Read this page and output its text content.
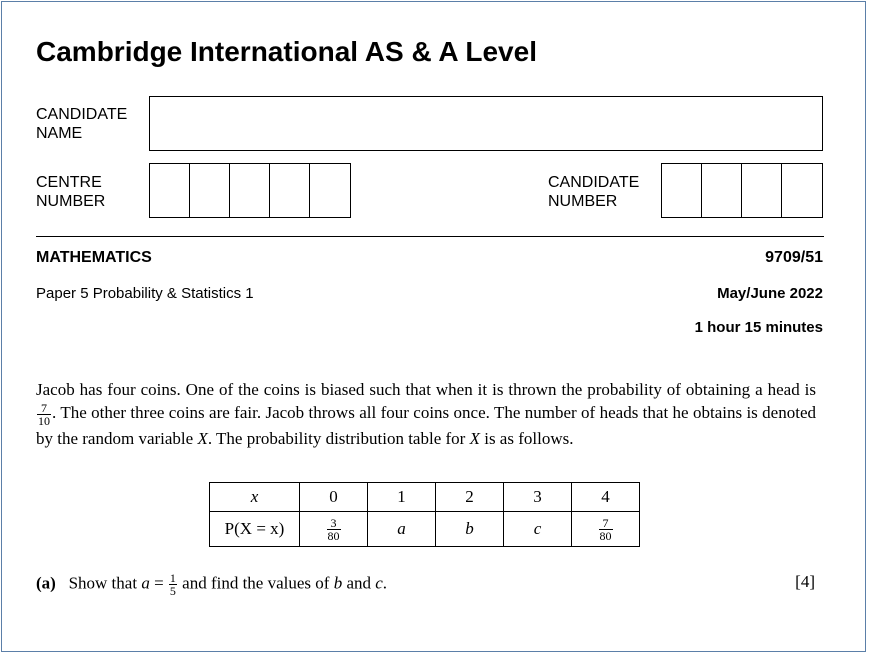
Cambridge International AS & A Level
CANDIDATE
NAME
CENTRE
NUMBER
CANDIDATE
NUMBER
MATHEMATICS	9709/51
Paper 5 Probability & Statistics 1	May/June 2022
1 hour 15 minutes
Jacob has four coins. One of the coins is biased such that when it is thrown the probability of obtaining a head is
$\frac{7}{10}$ . The other three coins are fair. Jacob throws all four coins once. The number of heads that he obtains is denoted by the random variable X. The probability distribution table for X is as follows.
x	0	1	2	3	4
P(X = x)	$\frac{3}{80}$	a	b	c	$\frac{7}{80}$
(a) Show that $a = \frac{1}{5}$ and find the values of b and c.	[4]
